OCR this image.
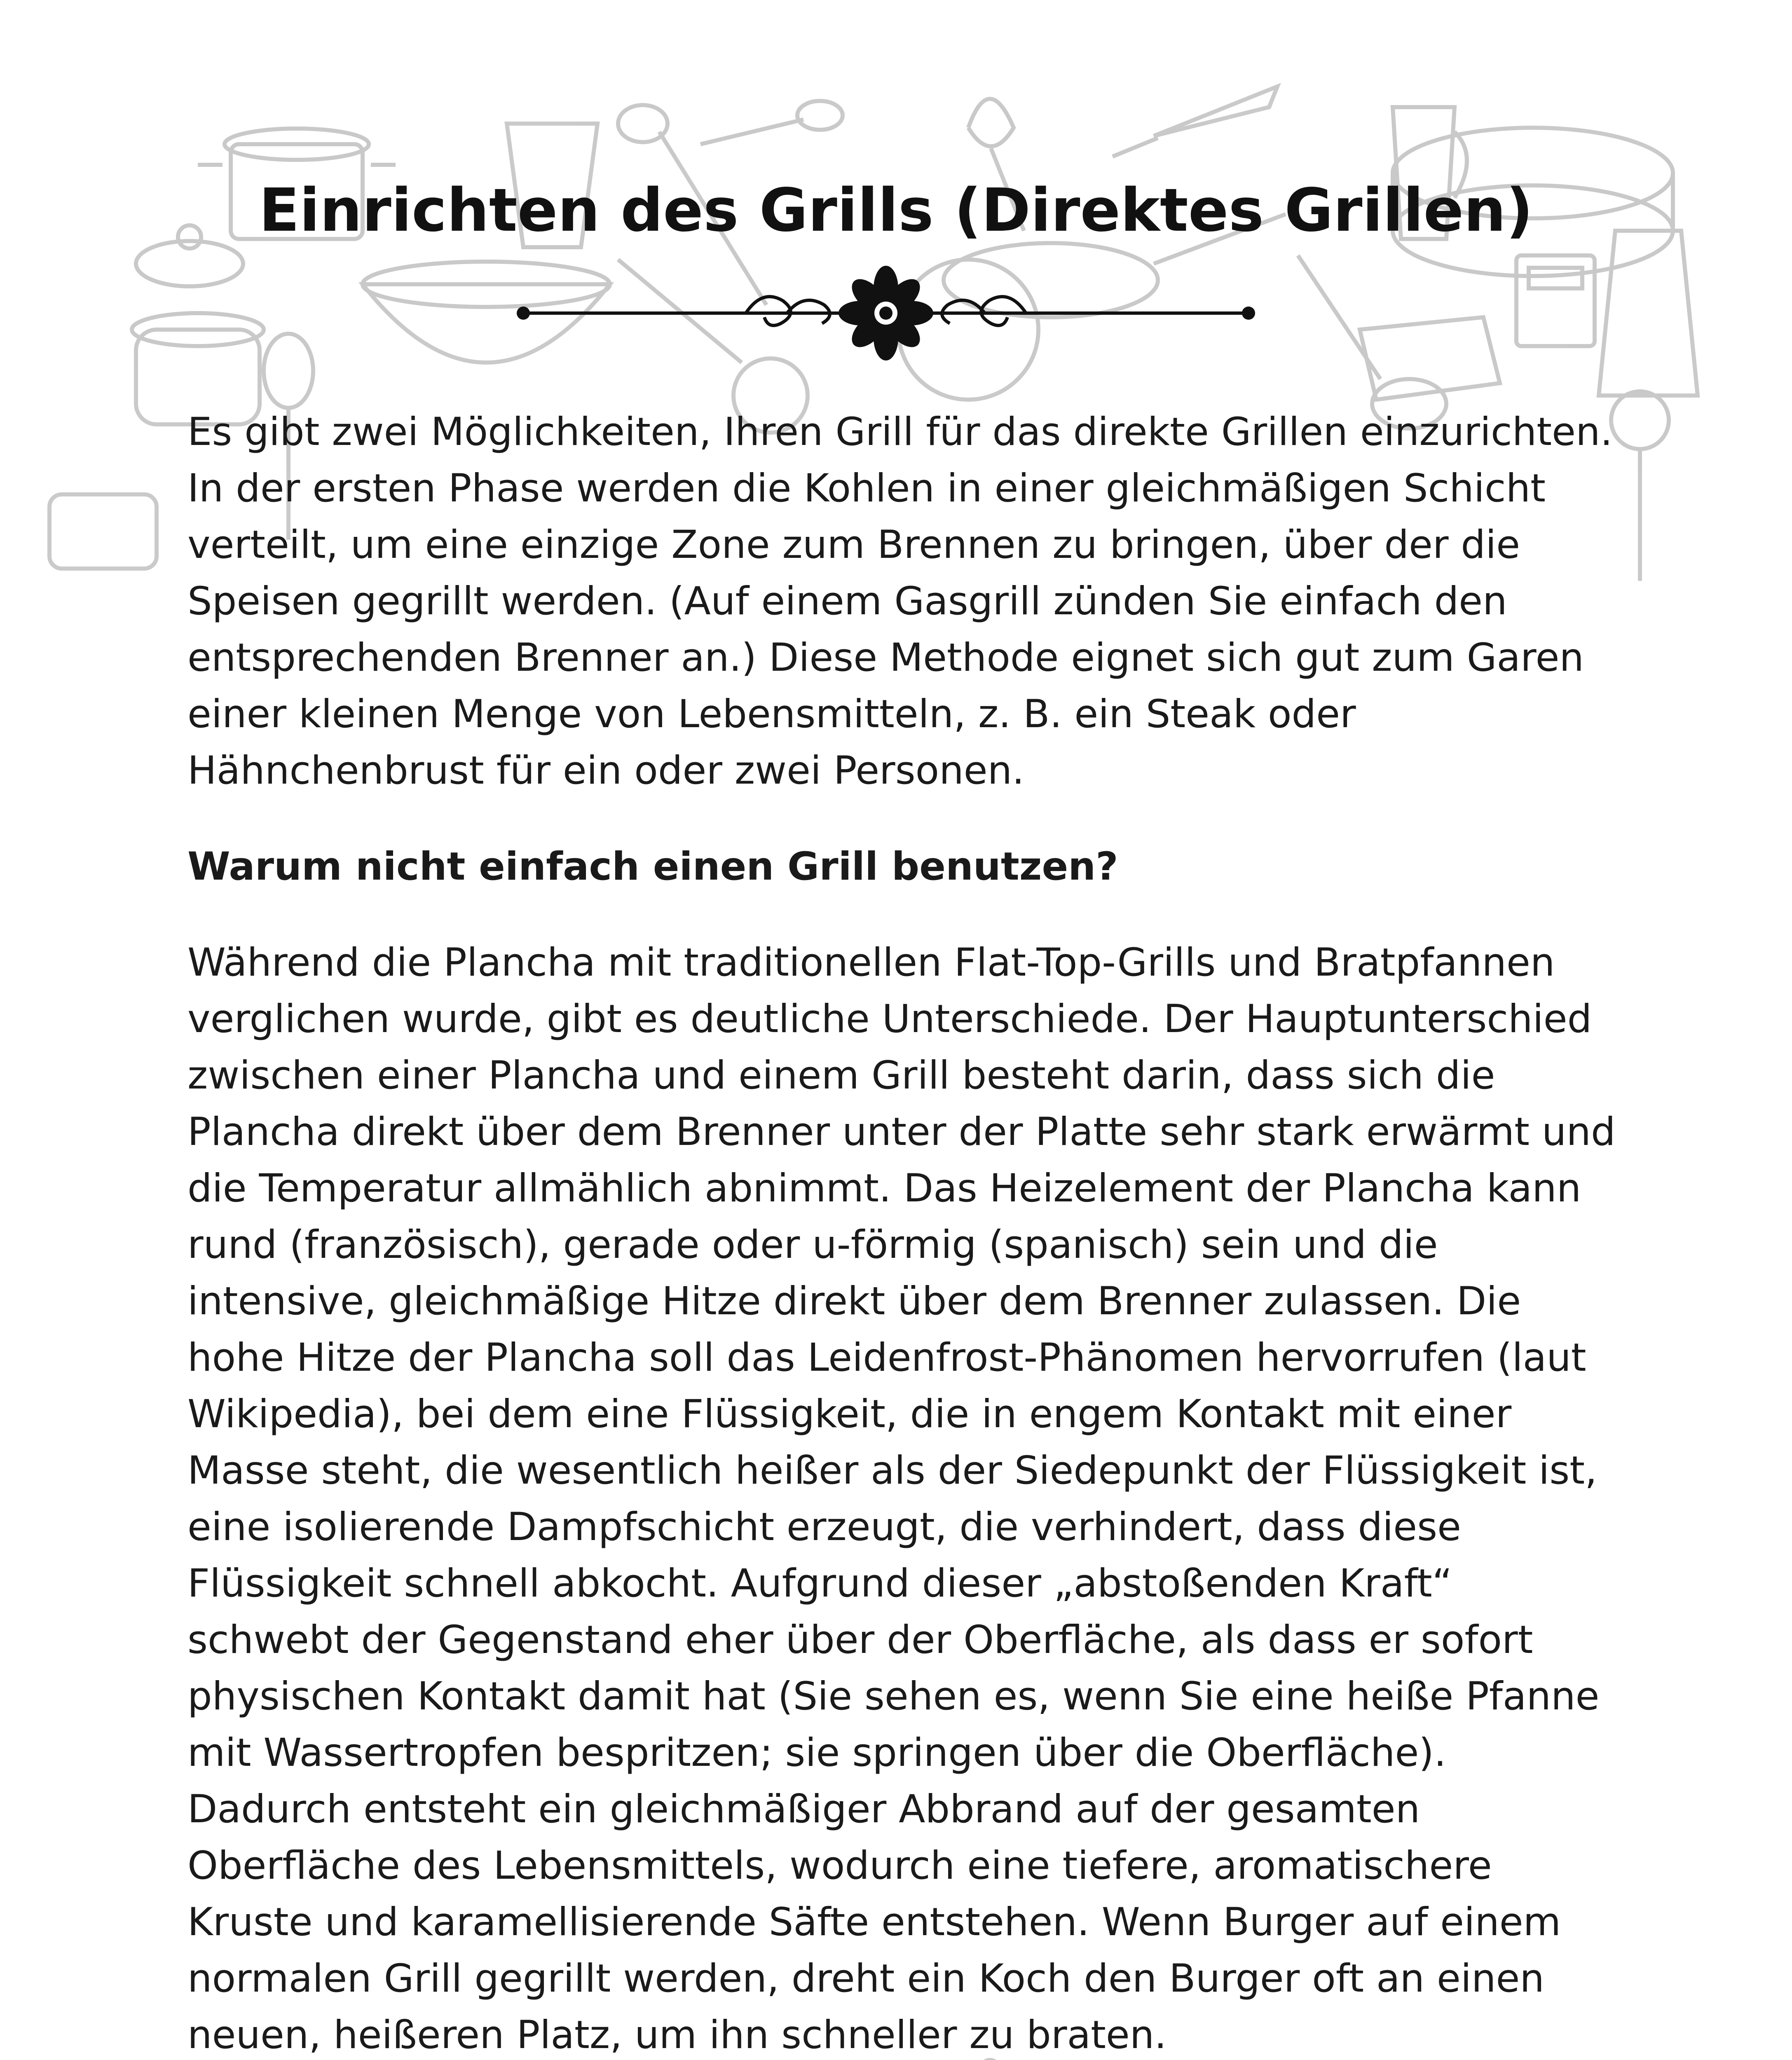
Einrichten des Grills (Direktes Grillen)

Es gibt zwei Möglichkeiten, Ihren Grill für das direkte Grillen einzurichten. In der ersten Phase werden die Kohlen in einer gleichmäßigen Schicht verteilt, um eine einzige Zone zum Brennen zu bringen, über der die Speisen gegrillt werden. (Auf einem Gasgrill zünden Sie einfach den entsprechenden Brenner an.) Diese Methode eignet sich gut zum Garen einer kleinen Menge von Lebensmitteln, z. B. ein Steak oder Hähnchenbrust für ein oder zwei Personen.

Warum nicht einfach einen Grill benutzen?

Während die Plancha mit traditionellen Flat-Top-Grills und Bratpfannen verglichen wurde, gibt es deutliche Unterschiede. Der Hauptunterschied zwischen einer Plancha und einem Grill besteht darin, dass sich die Plancha direkt über dem Brenner unter der Platte sehr stark erwärmt und die Temperatur allmählich abnimmt. Das Heizelement der Plancha kann rund (französisch), gerade oder u-förmig (spanisch) sein und die intensive, gleichmäßige Hitze direkt über dem Brenner zulassen. Die hohe Hitze der Plancha soll das Leidenfrost-Phänomen hervorrufen (laut Wikipedia), bei dem eine Flüssigkeit, die in engem Kontakt mit einer Masse steht, die wesentlich heißer als der Siedepunkt der Flüssigkeit ist, eine isolierende Dampfschicht erzeugt, die verhindert, dass diese Flüssigkeit schnell abkocht. Aufgrund dieser „abstoßenden Kraft“ schwebt der Gegenstand eher über der Oberfläche, als dass er sofort physischen Kontakt damit hat (Sie sehen es, wenn Sie eine heiße Pfanne mit Wassertropfen bespritzen; sie springen über die Oberfläche). Dadurch entsteht ein gleichmäßiger Abbrand auf der gesamten Oberfläche des Lebensmittels, wodurch eine tiefere, aromatischere Kruste und karamellisierende Säfte entstehen. Wenn Burger auf einem normalen Grill gegrillt werden, dreht ein Koch den Burger oft an einen neuen, heißeren Platz, um ihn schneller zu braten.
